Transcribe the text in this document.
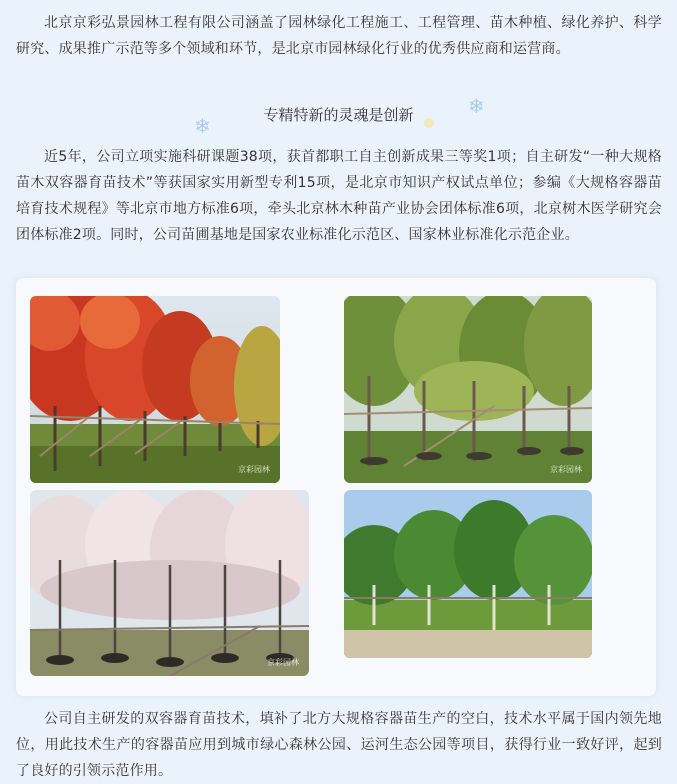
北京京彩弘景园林工程有限公司涵盖了园林绿化工程施工、工程管理、苗木种植、绿化养护、科学研究、成果推广示范等多个领域和环节，是北京市园林绿化行业的优秀供应商和运营商。

❄
❄	专精特新的灵魂是创新

近5年，公司立项实施科研课题38项，获首都职工自主创新成果三等奖1项；自主研发“一种大规格苗木双容器育苗技术”等获国家实用新型专利15项，是北京市知识产权试点单位；参编《大规格容器苗培育技术规程》等北京市地方标准6项，牵头北京林木种苗产业协会团体标准6项，北京树木医学研究会团体标准2项。同时，公司苗圃基地是国家农业标准化示范区、国家林业标准化示范企业。

京彩园林	京彩园林
京彩园林

公司自主研发的双容器育苗技术，填补了北方大规格容器苗生产的空白，技术水平属于国内领先地位，用此技术生产的容器苗应用到城市绿心森林公园、运河生态公园等项目，获得行业一致好评，起到了良好的引领示范作用。
